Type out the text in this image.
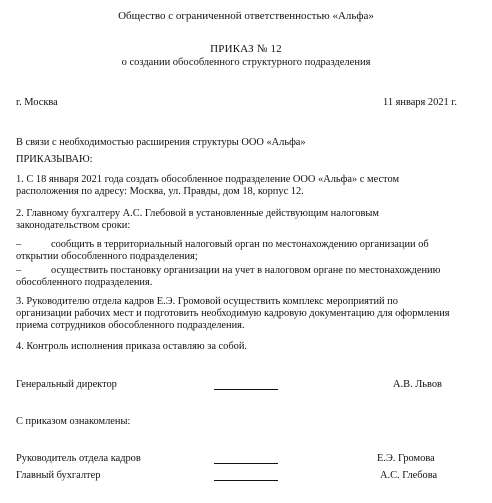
Общество с ограниченной ответственностью «Альфа»
ПРИКАЗ № 12
о создании обособленного структурного подразделения
г. Москва	11 января 2021 г.
В связи с необходимостью расширения структуры ООО «Альфа»
ПРИКАЗЫВАЮ:
1. С 18 января 2021 года создать обособленное подразделение ООО «Альфа» с местом
расположения по адресу: Москва, ул. Правды, дом 18, корпус 12.
2. Главному бухгалтеру А.С. Глебовой в установленные действующим налоговым
законодательством сроки:
–	сообщить в территориальный налоговый орган по местонахождению организации об
открытии обособленного подразделения;
–	осуществить постановку организации на учет в налоговом органе по местонахождению
обособленного подразделения.
3. Руководителю отдела кадров Е.Э. Громовой осуществить комплекс мероприятий по
организации рабочих мест и подготовить необходимую кадровую документацию для оформления
приема сотрудников обособленного подразделения.
4. Контроль исполнения приказа оставляю за собой.
Генеральный директор	А.В. Львов
С приказом ознакомлены:
Руководитель отдела кадров	Е.Э. Громова
Главный бухгалтер	А.С. Глебова
